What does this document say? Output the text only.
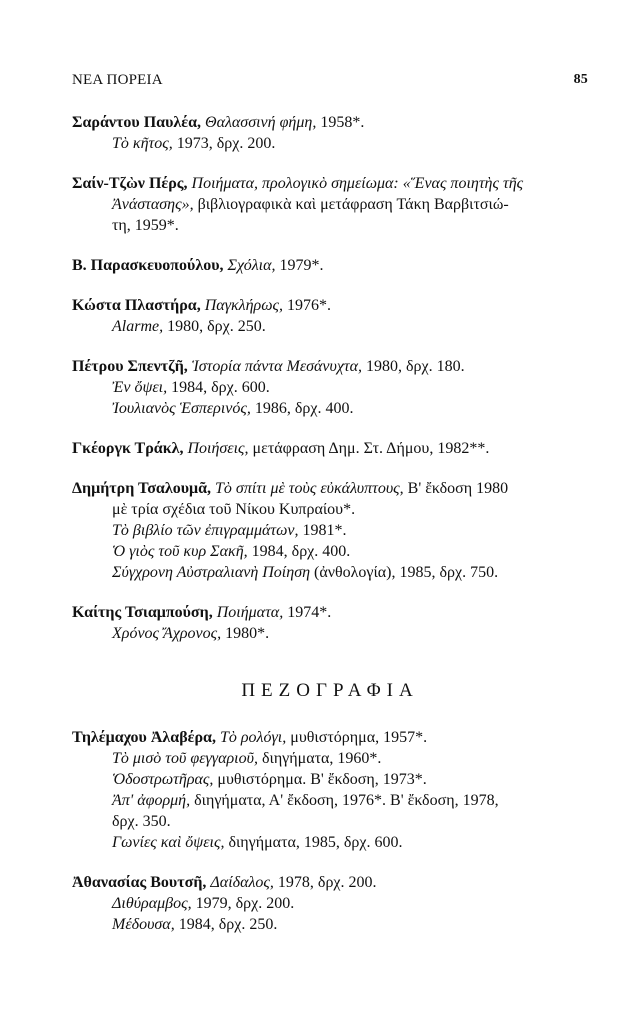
ΝΕΑ ΠΟΡΕΙΑ	85
Σαράντου Παυλέα, Θαλασσινή φήμη, 1958*.
Τὸ κῆτος, 1973, δρχ. 200.
Σαίν-Τζὼν Πέρς, Ποιήματα, προλογικὸ σημείωμα: «Ἕνας ποιητὴς τῆς
Ἀνάστασης», βιβλιογραφικὰ καὶ μετάφραση Τάκη Βαρβιτσιώ-
τη, 1959*.
Β. Παρασκευοπούλου, Σχόλια, 1979*.
Κώστα Πλαστήρα, Παγκλήρως, 1976*.
Alarme, 1980, δρχ. 250.
Πέτρου Σπεντζῆ, Ἱστορία πάντα Μεσάνυχτα, 1980, δρχ. 180.
Ἐν ὄψει, 1984, δρχ. 600.
Ἰουλιανὸς Ἑσπερινός, 1986, δρχ. 400.
Γκέοργκ Τράκλ, Ποιήσεις, μετάφραση Δημ. Στ. Δήμου, 1982**.
Δημήτρη Τσαλουμᾶ, Τὸ σπίτι μὲ τοὺς εὐκάλυπτους, Β' ἔκδοση 1980
μὲ τρία σχέδια τοῦ Νίκου Κυπραίου*.
Τὸ βιβλίο τῶν ἐπιγραμμάτων, 1981*.
Ὁ γιὸς τοῦ κυρ Σακῆ, 1984, δρχ. 400.
Σύγχρονη Αὐστραλιανὴ Ποίηση (ἀνθολογία), 1985, δρχ. 750.
Καίτης Τσιαμπούση, Ποιήματα, 1974*.
Χρόνος Ἄχρονος, 1980*.
ΠΕΖΟΓΡΑΦΙΑ
Τηλέμαχου Ἀλαβέρα, Τὸ ρολόγι, μυθιστόρημα, 1957*.
Τὸ μισὸ τοῦ φεγγαριοῦ, διηγήματα, 1960*.
Ὁδοστρωτῆρας, μυθιστόρημα. Β' ἔκδοση, 1973*.
Ἀπ' ἀφορμή, διηγήματα, Α' ἔκδοση, 1976*. Β' ἔκδοση, 1978,
δρχ. 350.
Γωνίες καὶ ὄψεις, διηγήματα, 1985, δρχ. 600.
Ἀθανασίας Βουτσῆ, Δαίδαλος, 1978, δρχ. 200.
Διθύραμβος, 1979, δρχ. 200.
Μέδουσα, 1984, δρχ. 250.
